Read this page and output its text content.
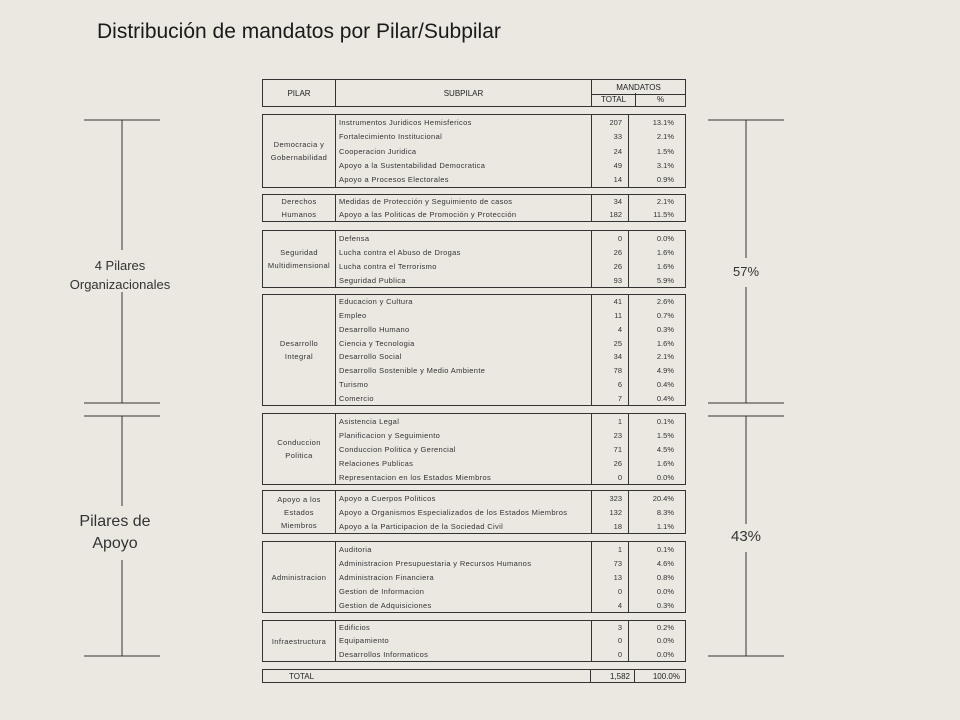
Distribución de mandatos por Pilar/Subpilar
4 Pilares
Organizacionales
Pilares de
Apoyo
57%
43%
PILAR	SUBPILAR
MANDATOS
TOTAL	%
Democracia y
Gobernabilidad
Instrumentos Juridicos Hemisfericos	207	13.1%
Fortalecimiento Institucional	33	2.1%
Cooperacion Juridica	24	1.5%
Apoyo a la Sustentabilidad Democratica	49	3.1%
Apoyo a Procesos Electorales	14	0.9%
Derechos
Humanos
Medidas de Protección y Seguimiento de casos	34	2.1%
Apoyo a las Politicas de Promoción y Protección	182	11.5%
Seguridad
Multidimensional
Defensa	0	0.0%
Lucha contra el Abuso de Drogas	26	1.6%
Lucha contra el Terrorismo	26	1.6%
Seguridad Publica	93	5.9%
Desarrollo
Integral
Educacion y Cultura	41	2.6%
Empleo	11	0.7%
Desarrollo Humano	4	0.3%
Ciencia y Tecnologia	25	1.6%
Desarrollo Social	34	2.1%
Desarrollo Sostenible y Medio Ambiente	78	4.9%
Turismo	6	0.4%
Comercio	7	0.4%
Conduccion
Politica
Asistencia Legal	1	0.1%
Planificacion y Seguimiento	23	1.5%
Conduccion Politica y Gerencial	71	4.5%
Relaciones Publicas	26	1.6%
Representacion en los Estados Miembros	0	0.0%
Apoyo a los
Estados
Miembros
Apoyo a Cuerpos Politicos	323	20.4%
Apoyo a Organismos Especializados de los Estados Miembros	132	8.3%
Apoyo a la Participacion de la Sociedad Civil	18	1.1%
Administracion
Auditoria	1	0.1%
Administracion Presupuestaria y Recursos Humanos	73	4.6%
Administracion Financiera	13	0.8%
Gestion de Informacion	0	0.0%
Gestion de Adquisiciones	4	0.3%
Infraestructura
Edificios	3	0.2%
Equipamiento	0	0.0%
Desarrollos Informaticos	0	0.0%
TOTAL	1,582	100.0%
